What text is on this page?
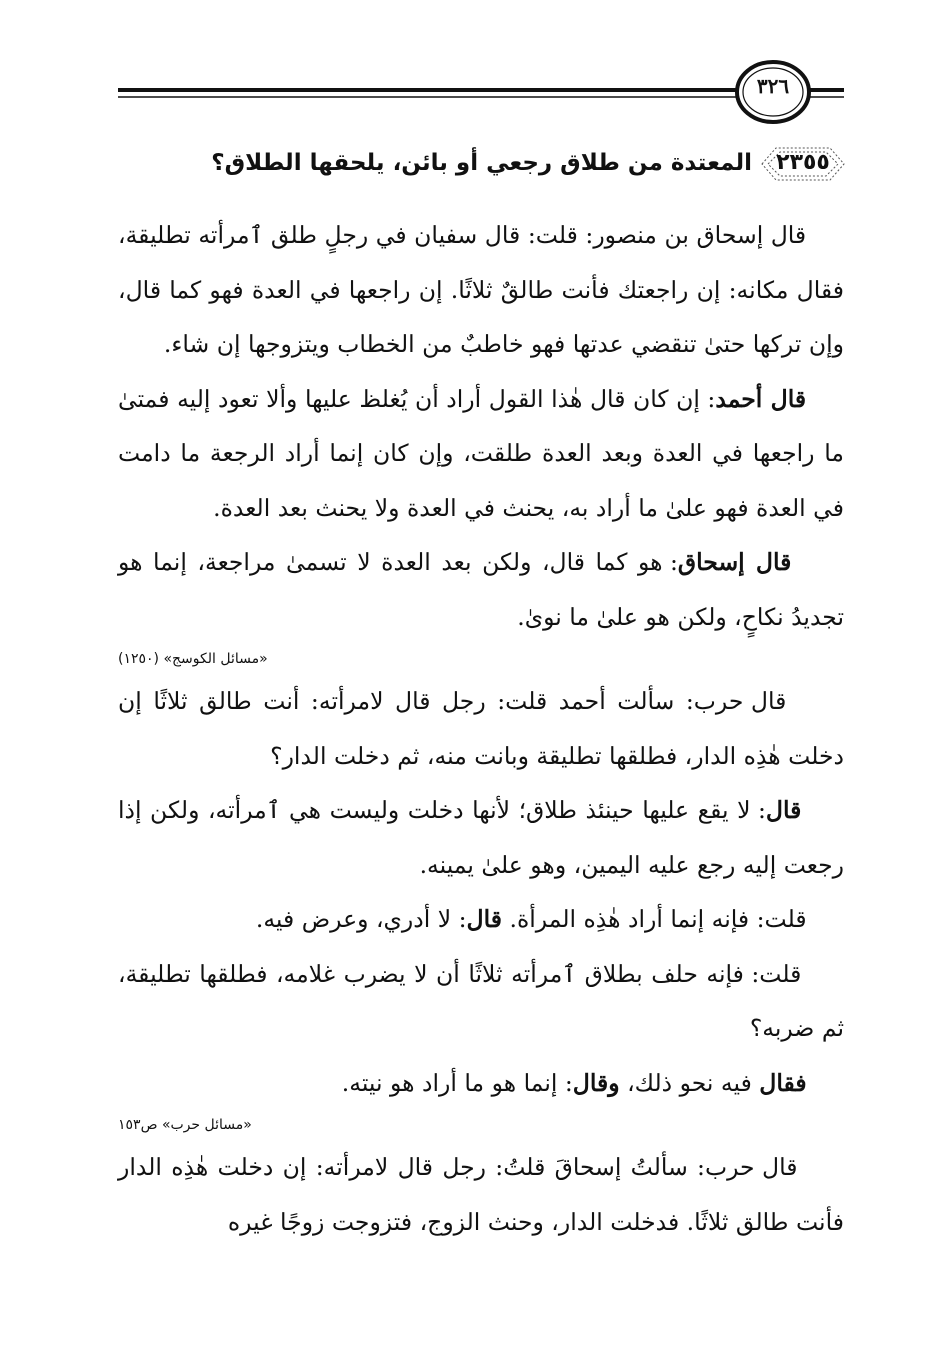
٣٢٦
٢٣٥٥
المعتدة من طلاق رجعي أو بائن، يلحقها الطلاق؟

قال إسحاق بن منصور: قلت: قال سفيان في رجلٍ طلق ٱمرأته تطليقة، فقال مكانه: إن راجعتك فأنت طالقٌ ثلاثًا. إن راجعها في العدة فهو كما قال، وإن تركها حتىٰ تنقضي عدتها فهو خاطبٌ من الخطاب ويتزوجها إن شاء.

قال أحمد: إن كان قال هٰذا القول أراد أن يُغلظ عليها وألا تعود إليه فمتىٰ ما راجعها في العدة وبعد العدة طلقت، وإن كان إنما أراد الرجعة ما دامت في العدة فهو علىٰ ما أراد به، يحنث في العدة ولا يحنث بعد العدة.

قال إسحاق: هو كما قال، ولكن بعد العدة لا تسمىٰ مراجعة، إنما هو تجديدُ نكاحٍ، ولكن هو علىٰ ما نوىٰ.

«مسائل الكوسج» (١٢٥٠)

قال حرب: سألت أحمد قلت: رجل قال لامرأته: أنت طالق ثلاثًا إن دخلت هٰذِه الدار، فطلقها تطليقة وبانت منه، ثم دخلت الدار؟

قال: لا يقع عليها حينئذ طلاق؛ لأنها دخلت وليست هي ٱمرأته، ولكن إذا رجعت إليه رجع عليه اليمين، وهو علىٰ يمينه.

قلت: فإنه إنما أراد هٰذِه المرأة. قال: لا أدري، وعرض فيه.

قلت: فإنه حلف بطلاق ٱمرأته ثلاثًا أن لا يضرب غلامه، فطلقها تطليقة، ثم ضربه؟

فقال فيه نحو ذلك، وقال: إنما هو ما أراد هو نيته.

«مسائل حرب» ص١٥٣

قال حرب: سألتُ إسحاقَ قلتُ: رجل قال لامرأته: إن دخلت هٰذِه الدار فأنت طالق ثلاثًا. فدخلت الدار، وحنث الزوج، فتزوجت زوجًا غيره
